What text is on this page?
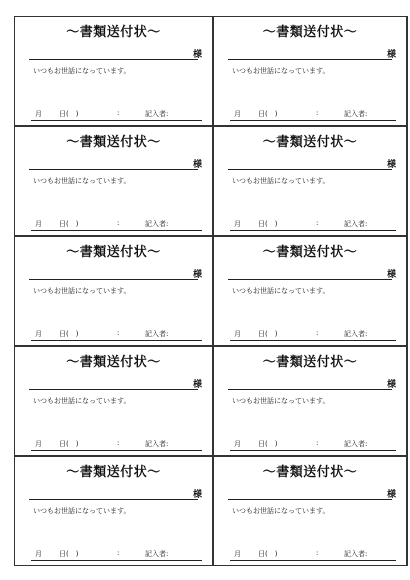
〜書類送付状〜
様
いつもお世話になっています。
月 日(　)	:	記入者:
〜書類送付状〜
様
いつもお世話になっています。
月 日(　)	:	記入者:
〜書類送付状〜
様
いつもお世話になっています。
月 日(　)	:	記入者:
〜書類送付状〜
様
いつもお世話になっています。
月 日(　)	:	記入者:
〜書類送付状〜
様
いつもお世話になっています。
月 日(　)	:	記入者:
〜書類送付状〜
様
いつもお世話になっています。
月 日(　)	:	記入者:
〜書類送付状〜
様
いつもお世話になっています。
月 日(　)	:	記入者:
〜書類送付状〜
様
いつもお世話になっています。
月 日(　)	:	記入者:
〜書類送付状〜
様
いつもお世話になっています。
月 日(　)	:	記入者:
〜書類送付状〜
様
いつもお世話になっています。
月 日(　)	:	記入者:
